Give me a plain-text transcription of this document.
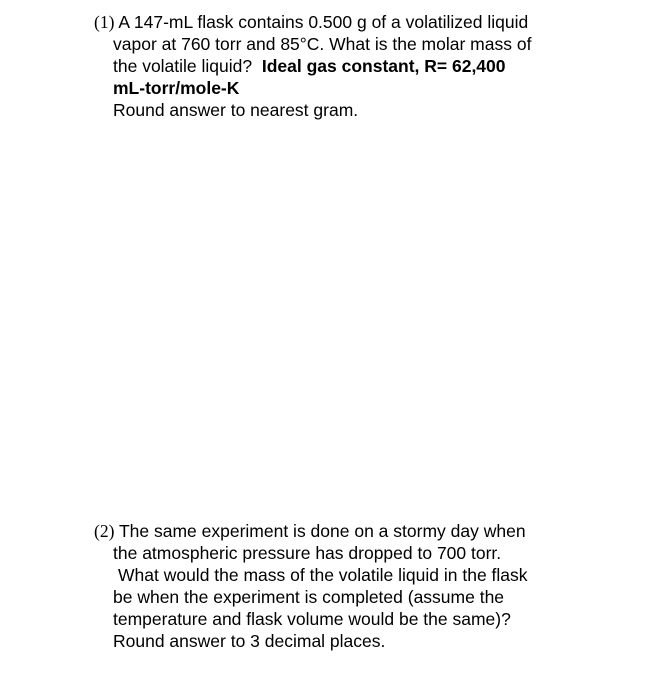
(1) A 147-mL flask contains 0.500 g of a volatilized liquid
vapor at 760 torr and 85°C. What is the molar mass of
the volatile liquid? Ideal gas constant, R= 62,400
mL-torr/mole-K
Round answer to nearest gram.
(2) The same experiment is done on a stormy day when
the atmospheric pressure has dropped to 700 torr.
What would the mass of the volatile liquid in the flask
be when the experiment is completed (assume the
temperature and flask volume would be the same)?
Round answer to 3 decimal places.
